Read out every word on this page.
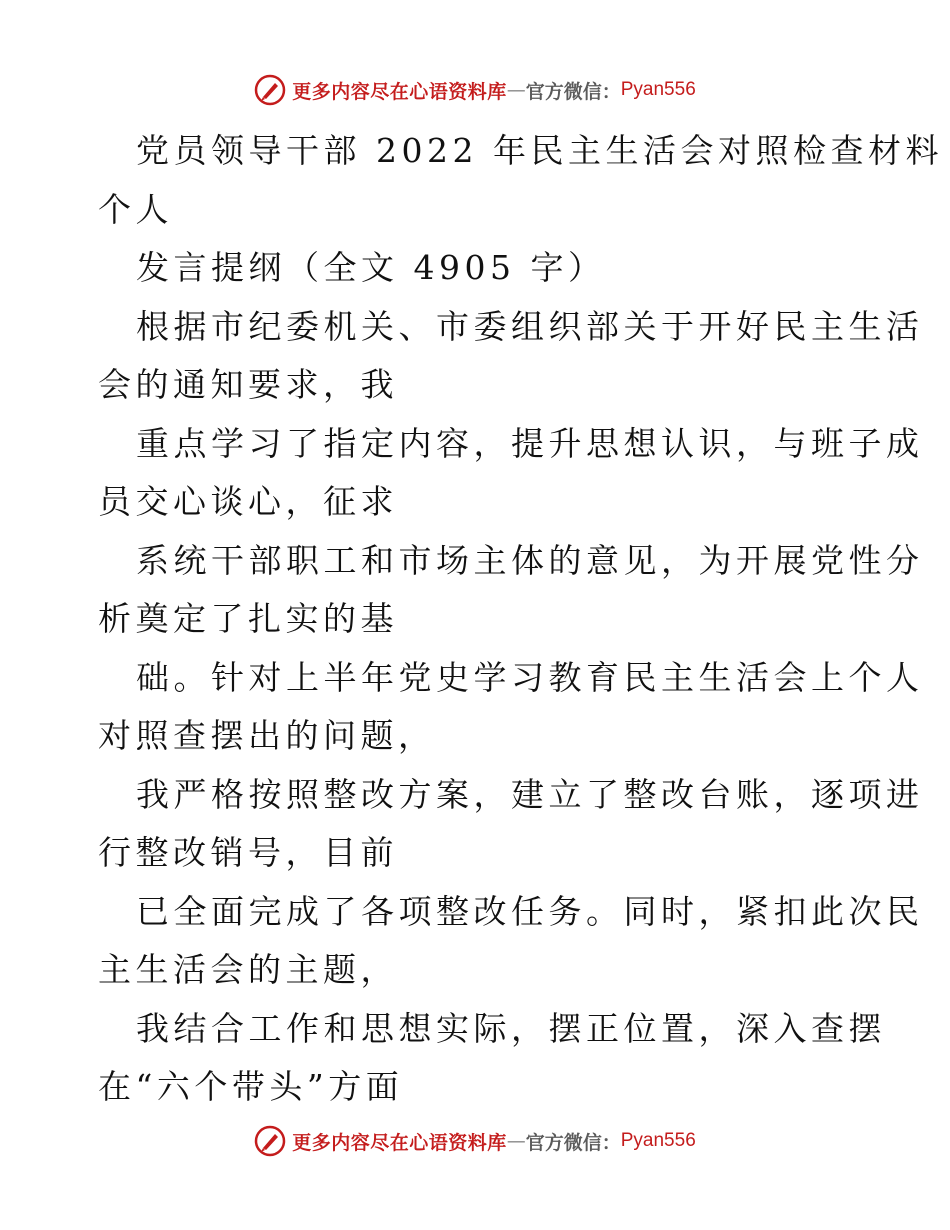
更多内容尽在心语资料库 — 官方微信： Pyan556
党员领导干部 2022 年民主生活会对照检查材料
个人
发言提纲（全文 4905 字）
根据市纪委机关、市委组织部关于开好民主生活
会的通知要求，我
重点学习了指定内容，提升思想认识，与班子成
员交心谈心，征求
系统干部职工和市场主体的意见，为开展党性分
析奠定了扎实的基
础。针对上半年党史学习教育民主生活会上个人
对照查摆出的问题，
我严格按照整改方案，建立了整改台账，逐项进
行整改销号，目前
已全面完成了各项整改任务。同时，紧扣此次民
主生活会的主题，
我结合工作和思想实际，摆正位置，深入查摆
在“六个带头”方面
更多内容尽在心语资料库 — 官方微信： Pyan556
